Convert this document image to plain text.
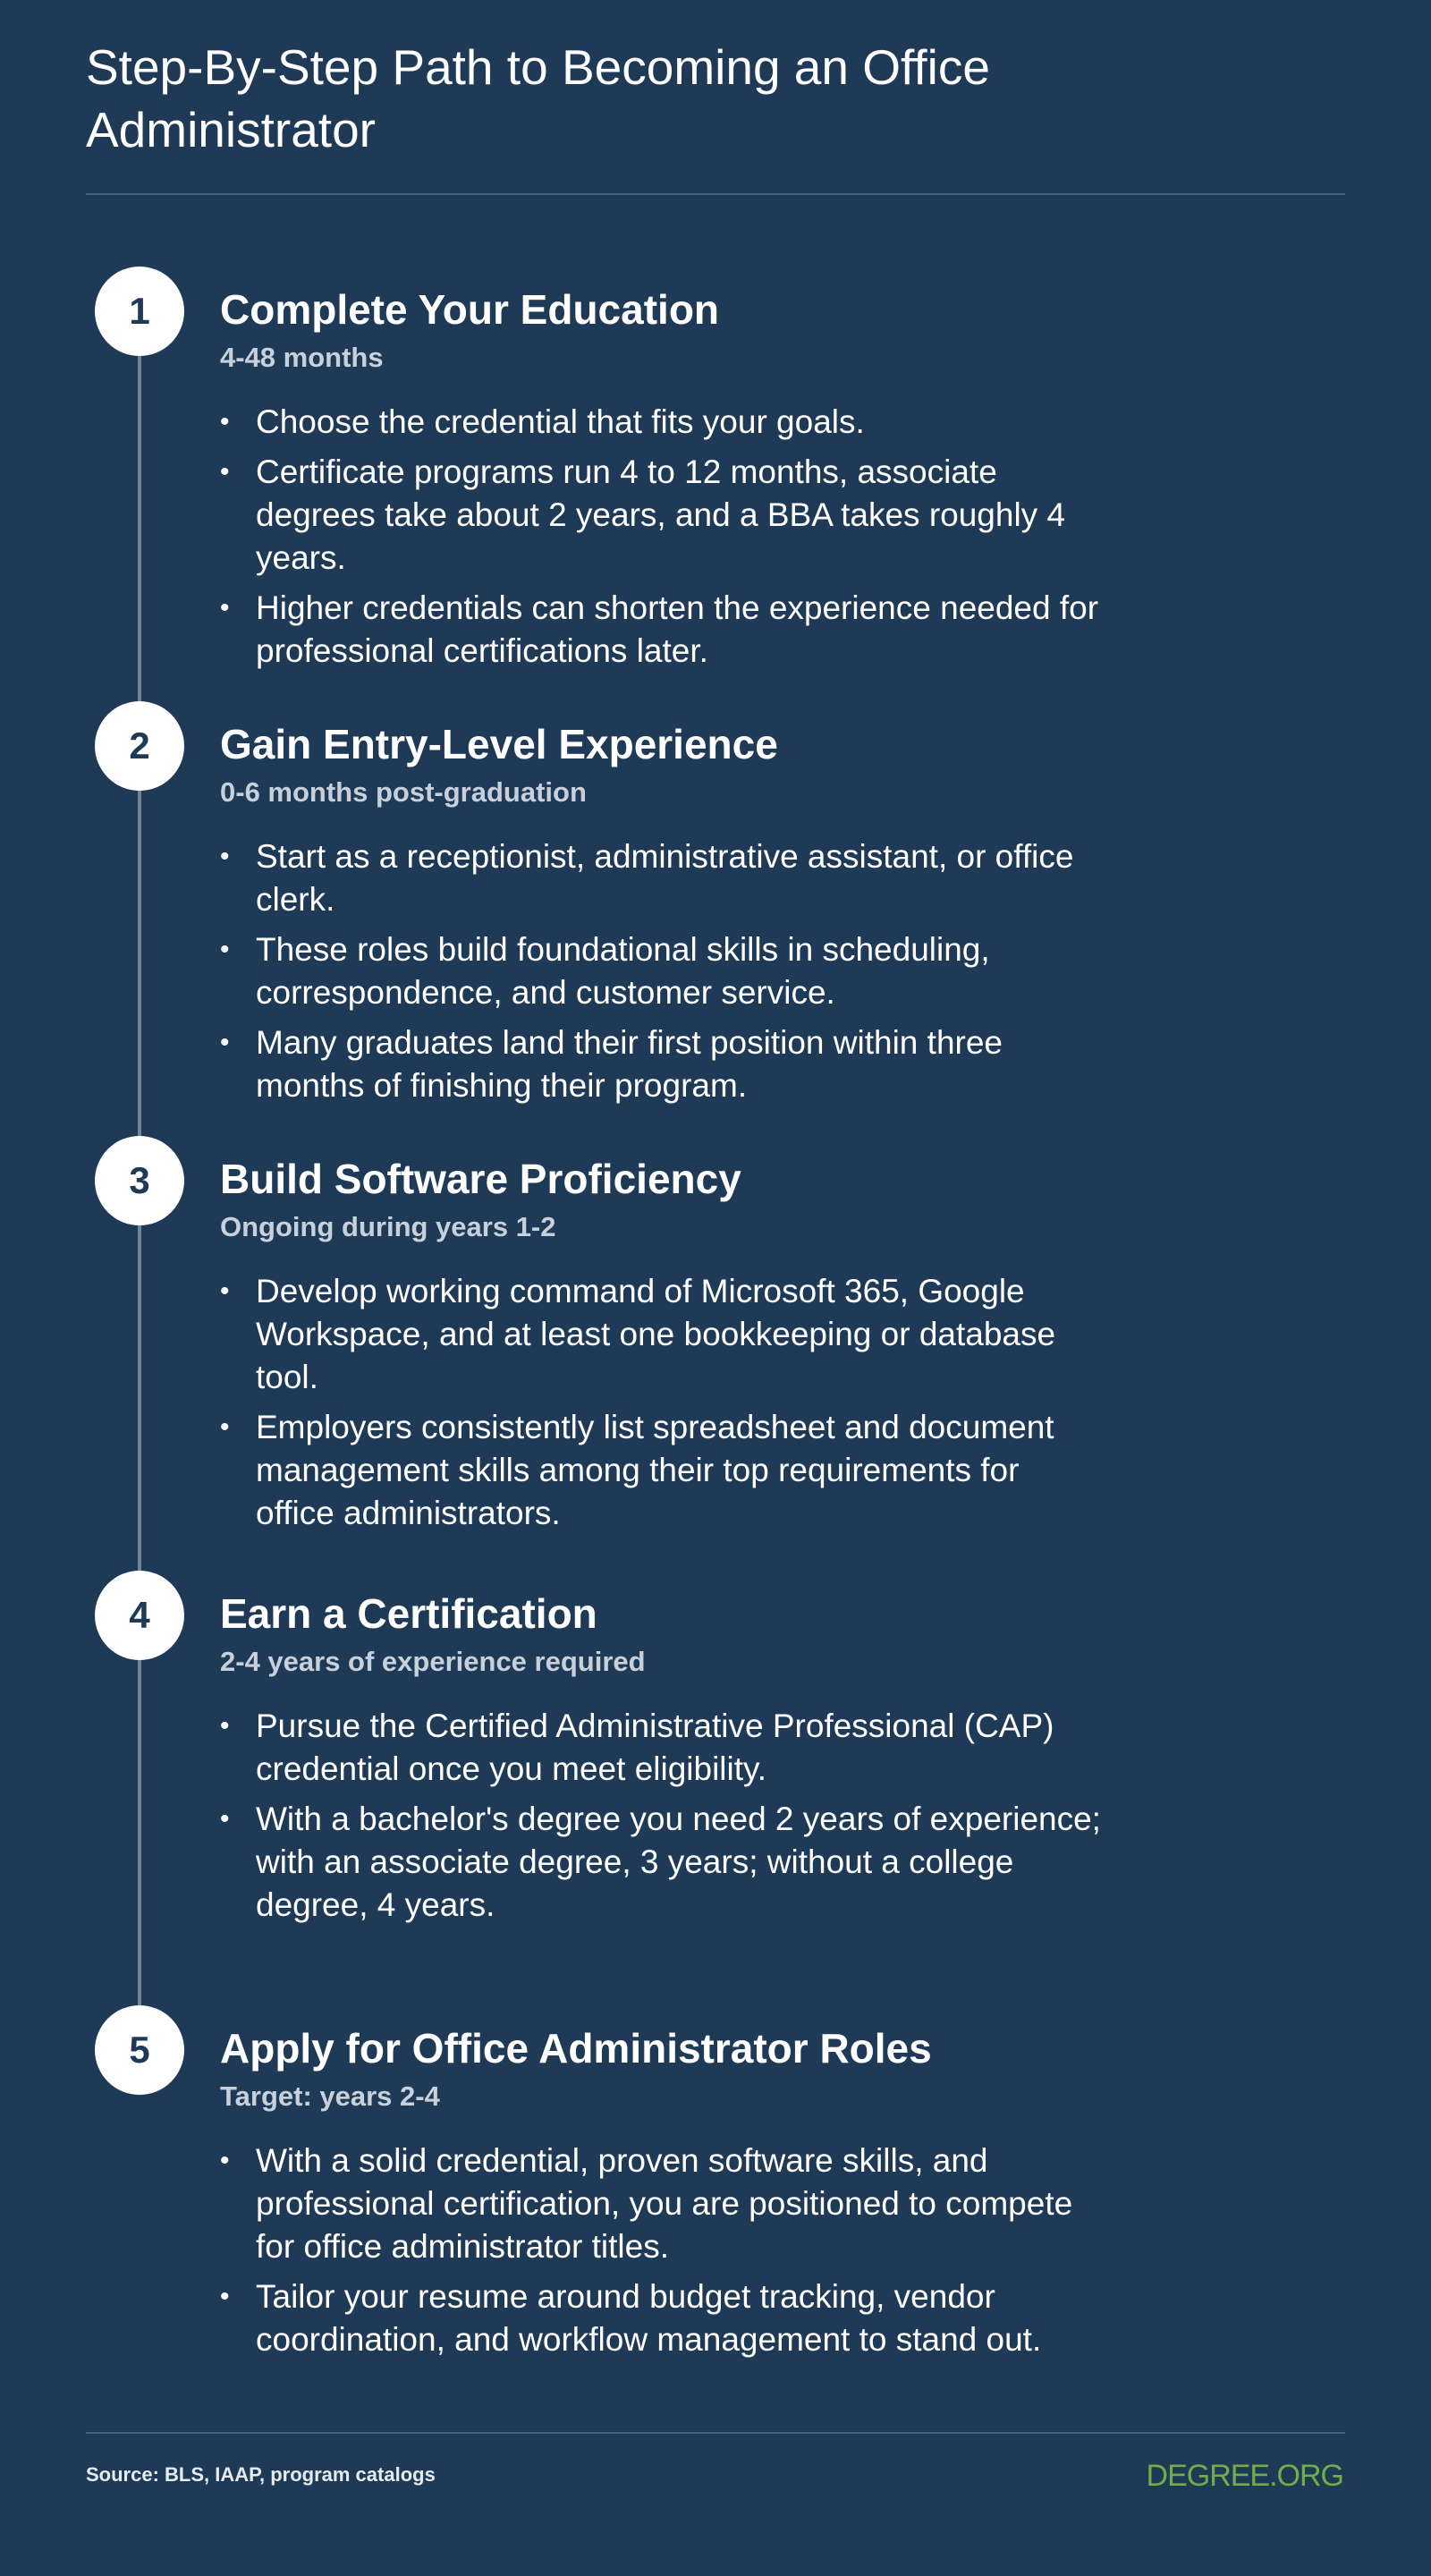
Step-By-Step Path to Becoming an Office Administrator
1	Complete Your Education
4-48 months
• Choose the credential that fits your goals.
• Certificate programs run 4 to 12 months, associate degrees take about 2 years, and a BBA takes roughly 4 years.
• Higher credentials can shorten the experience needed for professional certifications later.
2	Gain Entry-Level Experience
0-6 months post-graduation
• Start as a receptionist, administrative assistant, or office clerk.
• These roles build foundational skills in scheduling, correspondence, and customer service.
• Many graduates land their first position within three months of finishing their program.
3	Build Software Proficiency
Ongoing during years 1-2
• Develop working command of Microsoft 365, Google Workspace, and at least one bookkeeping or database tool.
• Employers consistently list spreadsheet and document management skills among their top requirements for office administrators.
4	Earn a Certification
2-4 years of experience required
• Pursue the Certified Administrative Professional (CAP) credential once you meet eligibility.
• With a bachelor's degree you need 2 years of experience; with an associate degree, 3 years; without a college degree, 4 years.
5	Apply for Office Administrator Roles
Target: years 2-4
• With a solid credential, proven software skills, and professional certification, you are positioned to compete for office administrator titles.
• Tailor your resume around budget tracking, vendor coordination, and workflow management to stand out.
Source: BLS, IAAP, program catalogs	DEGREE.ORG
